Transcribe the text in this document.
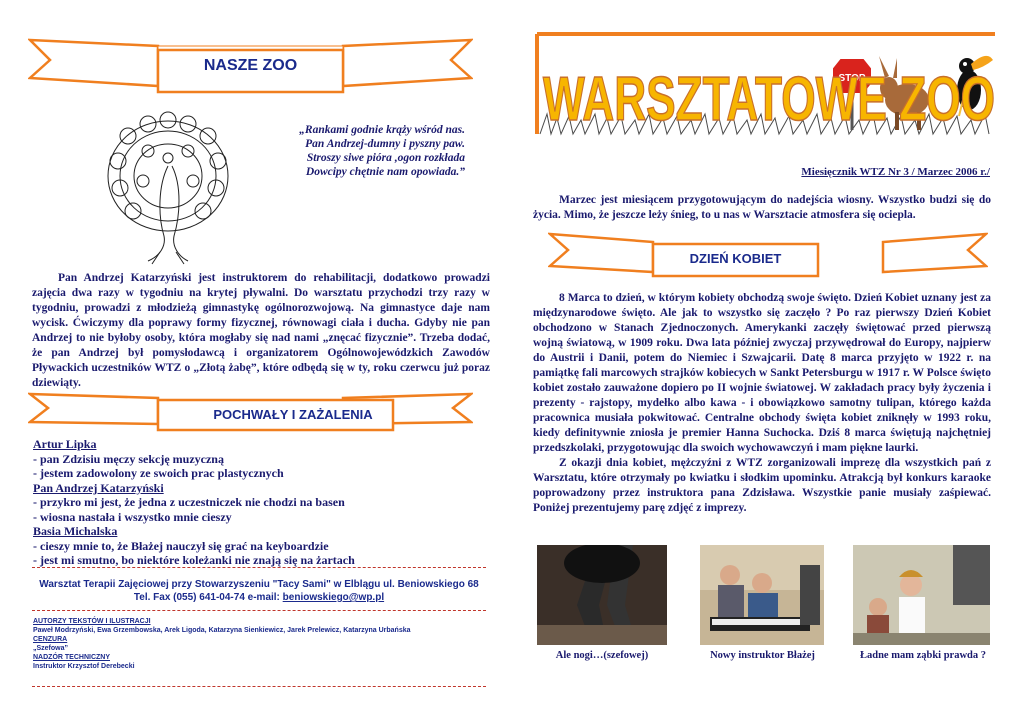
NASZE ZOO
„Rankami godnie krąży wśród nas.
Pan Andrzej-dumny i pyszny paw.
Stroszy siwe pióra ,ogon rozkłada
Dowcipy chętnie nam opowiada.”

Pan Andrzej Katarzyński jest instruktorem do rehabilitacji, dodatkowo prowadzi zajęcia dwa razy w tygodniu na krytej pływalni. Do warsztatu przychodzi trzy razy w tygodniu, prowadzi z młodzieżą gimnastykę ogólnorozwojową. Na gimnastyce daje nam wycisk. Ćwiczymy dla poprawy formy fizycznej, równowagi ciała i ducha. Gdyby nie pan Andrzej to nie byłoby osoby, która mogłaby się nad nami „znęcać fizycznie”. Trzeba dodać, że pan Andrzej był pomysłodawcą i organizatorem Ogólnowojewódzkich Zawodów Pływackich uczestników WTZ o „Złotą żabę”, które odbędą się w ty, roku czerwcu już poraz dziewiąty.

POCHWAŁY I ZAŻALENIA
Artur Lipka
- pan Zdzisiu męczy sekcję muzyczną
- jestem zadowolony ze swoich prac plastycznych
Pan Andrzej Katarzyński
- przykro mi jest, że jedna z uczestniczek nie chodzi na basen
- wiosna nastała i wszystko mnie cieszy
Basia Michalska
- cieszy mnie to, że Błażej nauczył się grać na keyboardzie
- jest mi smutno, bo niektóre koleżanki nie znają się na żartach
Warsztat Terapii Zajęciowej przy Stowarzyszeniu "Tacy Sami" w Elblągu ul. Beniowskiego 68
Tel. Fax (055) 641-04-74 e-mail: beniowskiego@wp.pl
AUTORZY TEKSTÓW I ILUSTRACJI
Paweł Modrzyński, Ewa Grzembowska, Arek Ligoda, Katarzyna Sienkiewicz, Jarek Prelewicz, Katarzyna Urbańska
CENZURA
„Szefowa”
NADZÓR TECHNICZNY
Instruktor Krzysztof Derebecki
STOP
WARSZTATOWE ZOO
Miesięcznik WTZ Nr 3 / Marzec 2006 r./

Marzec jest miesiącem przygotowującym do nadejścia wiosny. Wszystko budzi się do życia. Mimo, że jeszcze leży śnieg, to u nas w Warsztacie atmosfera się ociepla.

DZIEŃ KOBIET

8 Marca to dzień, w którym kobiety obchodzą swoje święto. Dzień Kobiet uznany jest za międzynarodowe święto. Ale jak to wszystko się zaczęło ? Po raz pierwszy Dzień Kobiet obchodzono w Stanach Zjednoczonych. Amerykanki zaczęły świętować przed pierwszą wojną światową, w 1909 roku. Dwa lata później zwyczaj przywędrował do Europy, najpierw do Austrii i Danii, potem do Niemiec i Szwajcarii. Datę 8 marca przyjęto w 1922 r. na pamiątkę fali marcowych strajków kobiecych w Sankt Petersburgu w 1917 r. W Polsce święto kobiet zostało zauważone dopiero po II wojnie światowej. W zakładach pracy były życzenia i prezenty - rajstopy, mydełko albo kawa - i obowiązkowo samotny tulipan, którego każda pracownica musiała pokwitować. Centralne obchody święta kobiet zniknęły w 1993 roku, kiedy definitywnie zniosła je premier Hanna Suchocka. Dziś 8 marca świętują najchętniej przedszkolaki, przygotowując dla swoich wychowawczyń i mam piękne laurki.

Z okazji dnia kobiet, mężczyźni z WTZ zorganizowali imprezę dla wszystkich pań z Warsztatu, które otrzymały po kwiatku i słodkim upominku. Atrakcją był konkurs karaoke poprowadzony przez instruktora pana Zdzisława. Wszystkie panie musiały zaśpiewać. Poniżej prezentujemy parę zdjęć z imprezy.

Ale nogi…(szefowej)	Nowy instruktor Błażej	Ładne mam ząbki prawda ?
